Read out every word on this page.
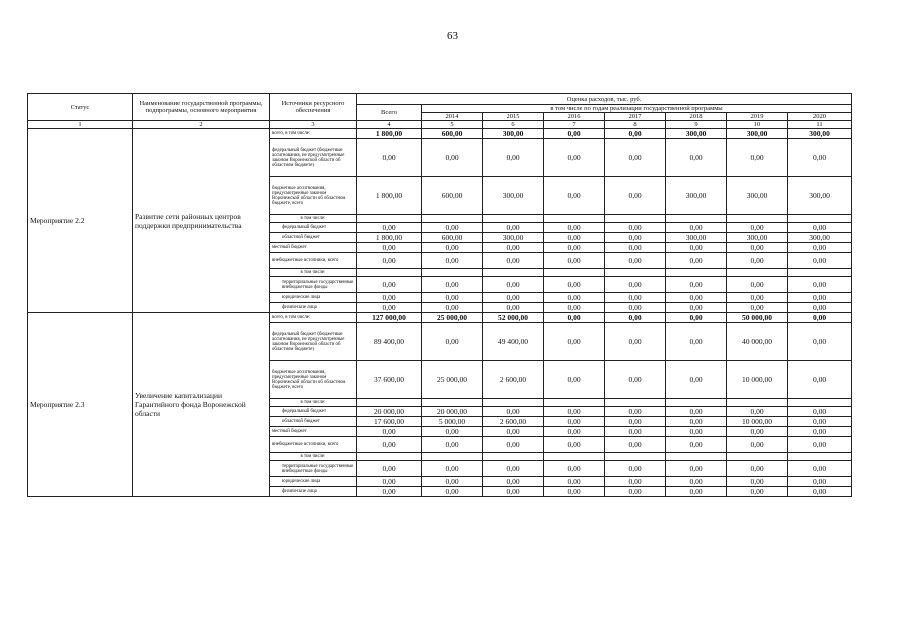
63
Статус	Наименование государственной программы, подпрограммы, основного мероприятия	Источники ресурсного обеспечения	Оценка расходов, тыс. руб.							
			Всего	в том числе по годам реализации государственной программы						
				2014	2015	2016	2017	2018	2019	2020
1	2	3	4	5	6	7	8	9	10	11
Мероприятие 2.2	Развитие сети районных центров поддержки предпринимательства	всего, в том числе:	1 800,00	600,00	300,00	0,00	0,00	300,00	300,00	300,00
		федеральный бюджет (бюджетные ассигнования, не предусмотренные законом Воронежской области об областном бюджете)	0,00	0,00	0,00	0,00	0,00	0,00	0,00	0,00
		бюджетные ассигнования, предусмотренные законом Воронежской области об областном бюджете, всего	1 800,00	600,00	300,00	0,00	0,00	300,00	300,00	300,00
		в том числе:								
		федеральный бюджет	0,00	0,00	0,00	0,00	0,00	0,00	0,00	0,00
		областной бюджет	1 800,00	600,00	300,00	0,00	0,00	300,00	300,00	300,00
		местный бюджет	0,00	0,00	0,00	0,00	0,00	0,00	0,00	0,00
		внебюджетные источники, всего	0,00	0,00	0,00	0,00	0,00	0,00	0,00	0,00
		в том числе:								
		территориальные государственные внебюджетные фонды	0,00	0,00	0,00	0,00	0,00	0,00	0,00	0,00
		юридические лица	0,00	0,00	0,00	0,00	0,00	0,00	0,00	0,00
		физические лица	0,00	0,00	0,00	0,00	0,00	0,00	0,00	0,00
Мероприятие 2.3	Увеличение капитализации Гарантийного фонда Воронежской области	всего, в том числе:	127 000,00	25 000,00	52 000,00	0,00	0,00	0,00	50 000,00	0,00
		федеральный бюджет (бюджетные ассигнования, не предусмотренные законом Воронежской области об областном бюджете)	89 400,00	0,00	49 400,00	0,00	0,00	0,00	40 000,00	0,00
		бюджетные ассигнования, предусмотренные законом Воронежской области об областном бюджете, всего	37 600,00	25 000,00	2 600,00	0,00	0,00	0,00	10 000,00	0,00
		в том числе:								
		федеральный бюджет	20 000,00	20 000,00	0,00	0,00	0,00	0,00	0,00	0,00
		областной бюджет	17 600,00	5 000,00	2 600,00	0,00	0,00	0,00	10 000,00	0,00
		местный бюджет	0,00	0,00	0,00	0,00	0,00	0,00	0,00	0,00
		внебюджетные источники, всего	0,00	0,00	0,00	0,00	0,00	0,00	0,00	0,00
		в том числе:								
		территориальные государственные внебюджетные фонды	0,00	0,00	0,00	0,00	0,00	0,00	0,00	0,00
		юридические лица	0,00	0,00	0,00	0,00	0,00	0,00	0,00	0,00
		физические лица	0,00	0,00	0,00	0,00	0,00	0,00	0,00	0,00
